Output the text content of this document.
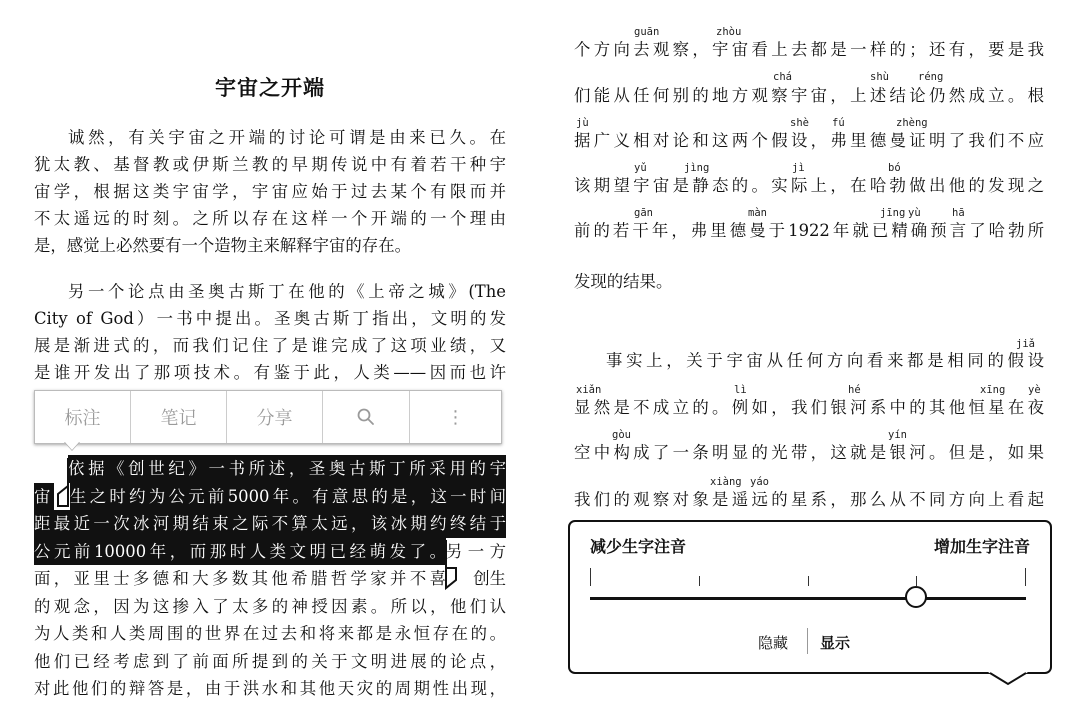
宇宙之开端
诚然，有关宇宙之开端的讨论可谓是由来已久。在
犹太教、基督教或伊斯兰教的早期传说中有着若干种宇
宙学，根据这类宇宙学，宇宙应始于过去某个有限而并
不太遥远的时刻。之所以存在这样一个开端的一个理由
是，感觉上必然要有一个造物主来解释宇宙的存在。
另一个论点由圣奥古斯丁在他的《上帝之城》(The
City of God）一书中提出。圣奥古斯丁指出，文明的发
展是渐进式的，而我们记住了是谁完成了这项业绩，又
是谁开发出了那项技术。有鉴于此，人类——因而也许
标注	笔记	分享	⋮
依据《创世纪》一书所述，圣奥古斯丁所采用的宇
宙 生之时约为公元前5000年。有意思的是，这一时间
距最近一次冰河期结束之际不算太远，该冰期约终结于
公元前10000年，而那时人类文明已经萌发了。另一方
面，亚里士多德和大多数其他希腊哲学家并不喜 创生
的观念，因为这掺入了太多的神授因素。所以，他们认
为人类和人类周围的世界在过去和将来都是永恒存在的。
他们已经考虑到了前面所提到的关于文明进展的论点，
对此他们的辩答是，由于洪水和其他天灾的周期性出现，
guān	zhòu
个方向去观察，宇宙看上去都是一样的；还有，要是我
chá	shù	réng
们能从任何别的地方观察宇宙，上述结论仍然成立。根
jù	shè fú	zhèng
据广义相对论和这两个假设，弗里德曼证明了我们不应
yǔ	jìng	jì	bó
该期望宇宙是静态的。实际上，在哈勃做出他的发现之
gān	màn	jīng yù	hā
前的若干年，弗里德曼于1922年就已精确预言了哈勃所
发现的结果。
jiǎ
事实上，关于宇宙从任何方向看来都是相同的假设
xiǎn	lì	hé	xīng yè
显然是不成立的。例如，我们银河系中的其他恒星在夜
gòu	yín
空中构成了一条明显的光带，这就是银河。但是，如果
xiàng yáo
我们的观察对象是遥远的星系，那么从不同方向上看起
减少生字注音	增加生字注音
隐藏 显示
